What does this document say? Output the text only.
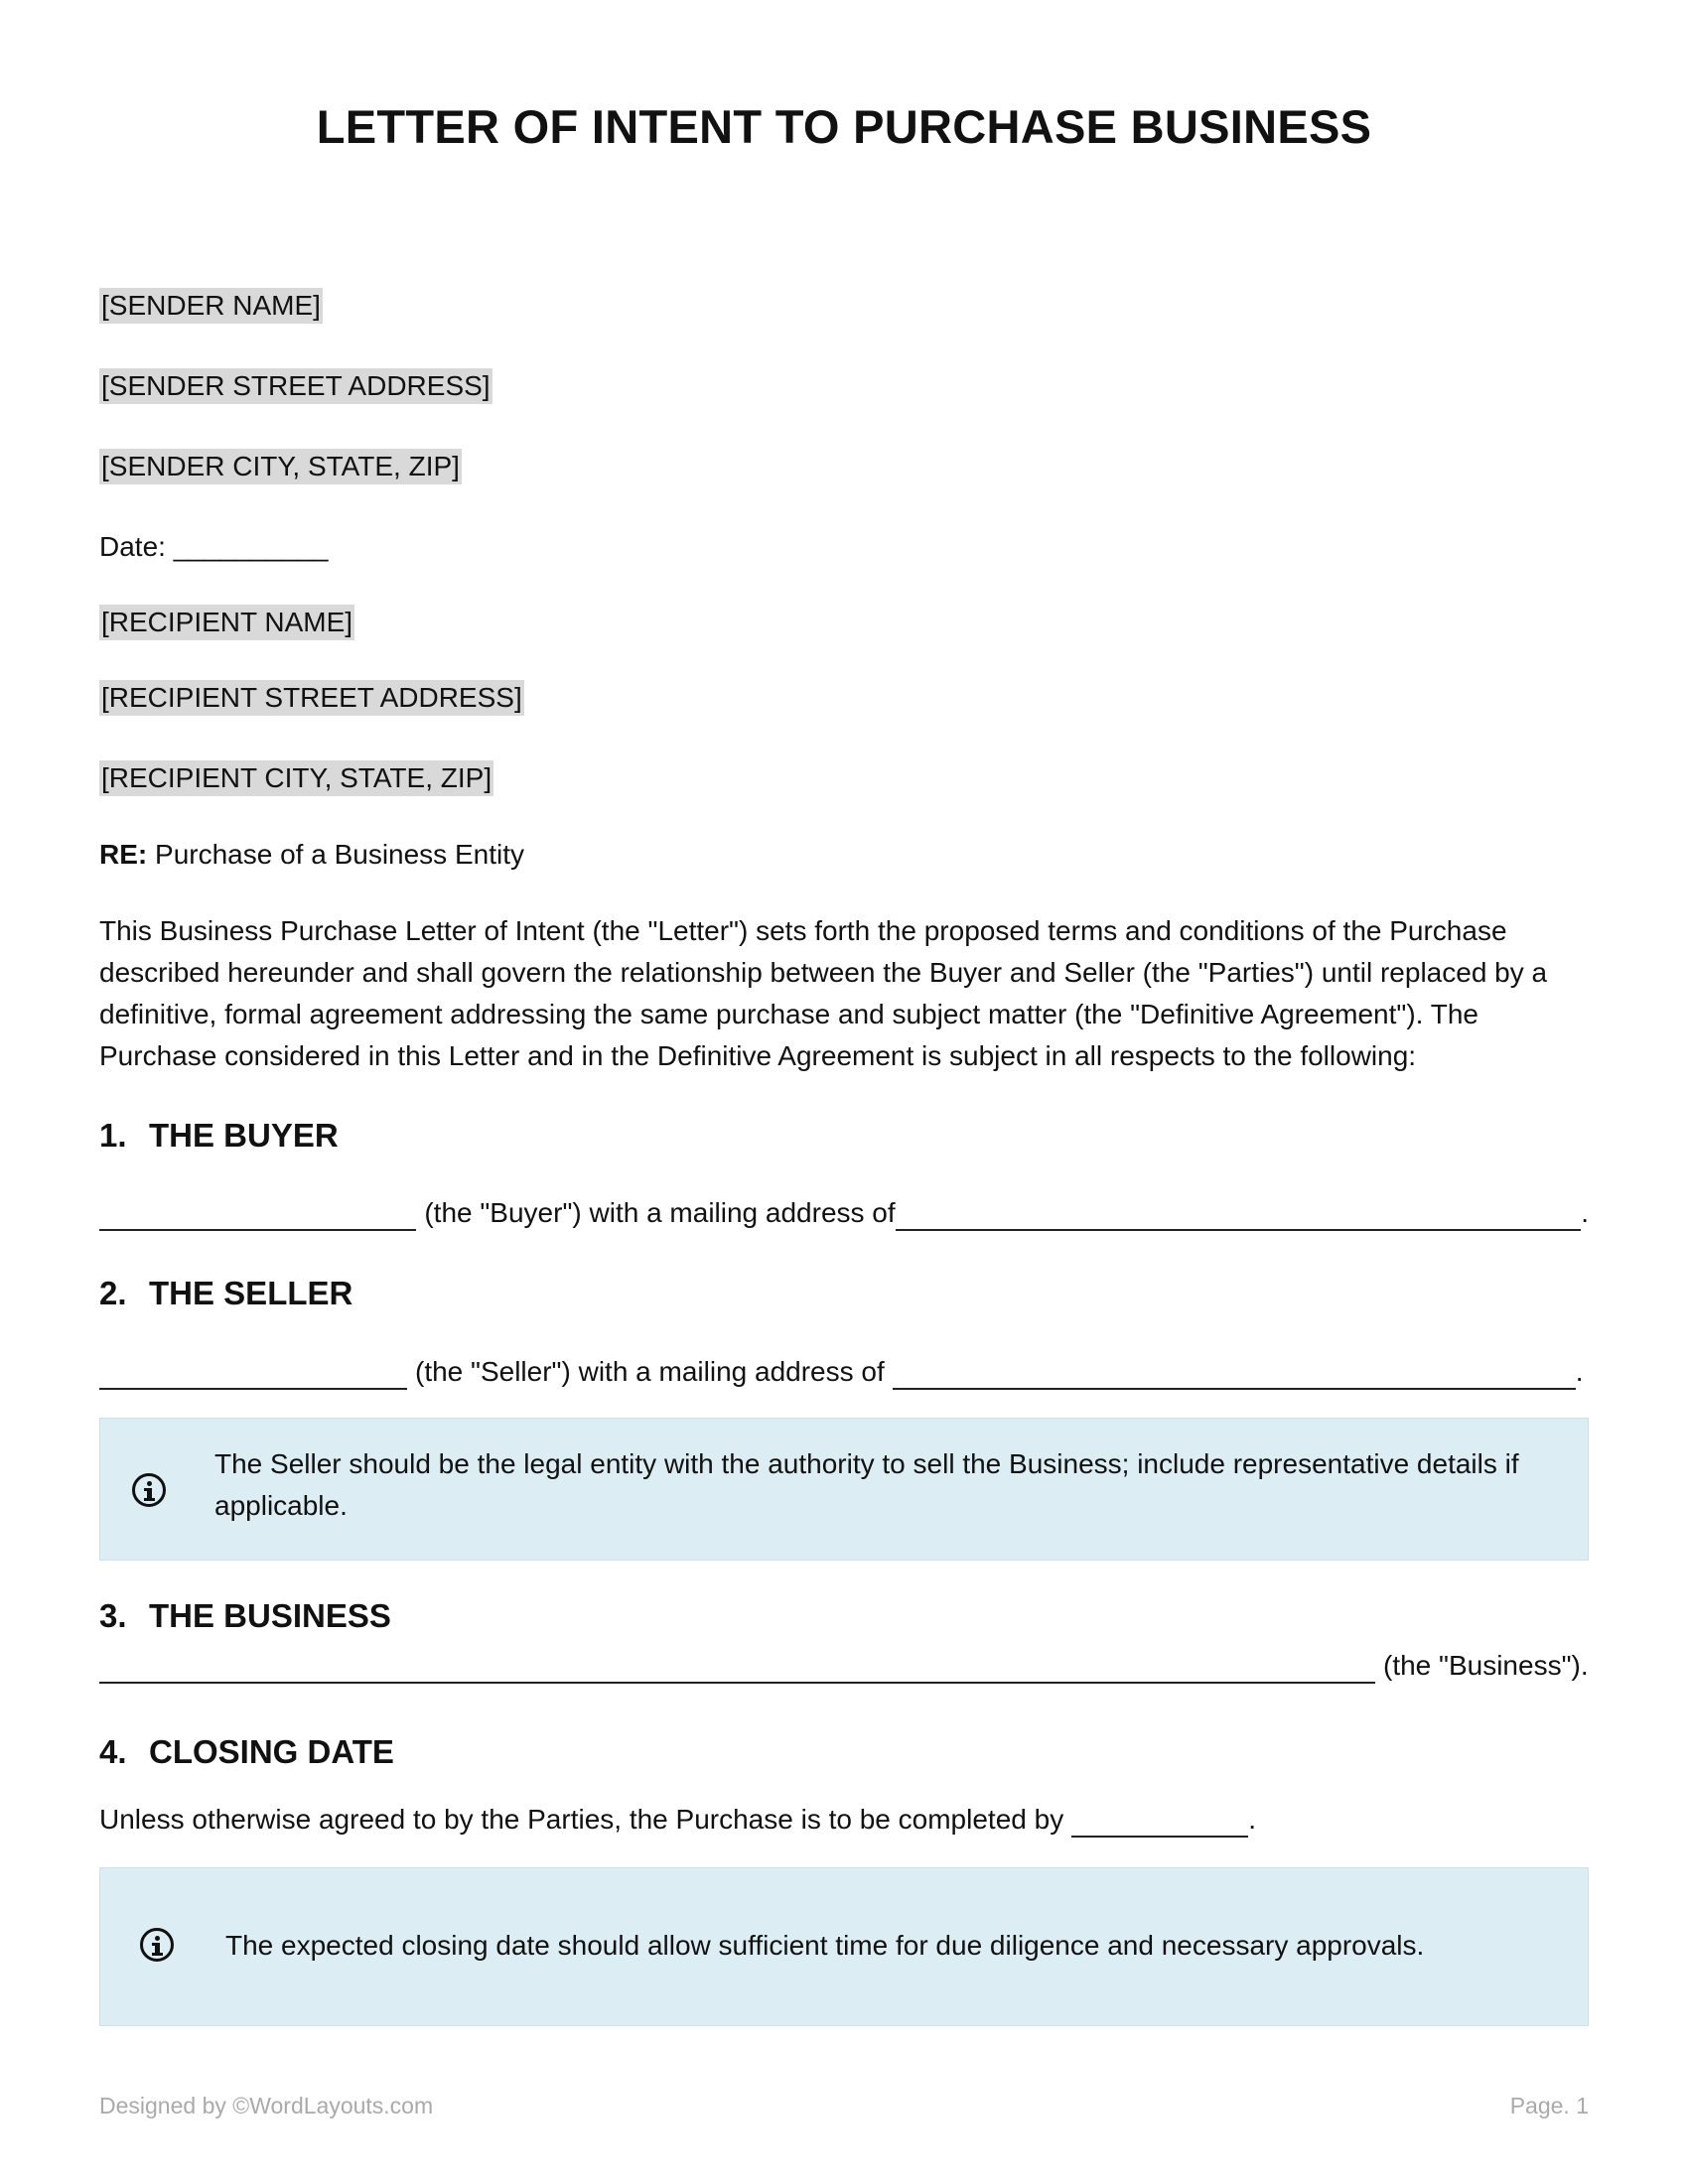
LETTER OF INTENT TO PURCHASE BUSINESS
[SENDER NAME]
[SENDER STREET ADDRESS]
[SENDER CITY, STATE, ZIP]
Date: __________
[RECIPIENT NAME]
[RECIPIENT STREET ADDRESS]
[RECIPIENT CITY, STATE, ZIP]
RE: Purchase of a Business Entity
This Business Purchase Letter of Intent (the "Letter") sets forth the proposed terms and conditions of the Purchase described hereunder and shall govern the relationship between the Buyer and Seller (the "Parties") until replaced by a definitive, formal agreement addressing the same purchase and subject matter (the "Definitive Agreement"). The Purchase considered in this Letter and in the Definitive Agreement is subject in all respects to the following:
1. THE BUYER
(the "Buyer") with a mailing address of	.
2. THE SELLER
(the "Seller") with a mailing address of	.
The Seller should be the legal entity with the authority to sell the Business; include representative details if applicable.
3. THE BUSINESS
(the "Business").
4. CLOSING DATE
Unless otherwise agreed to by the Parties, the Purchase is to be completed by	.
The expected closing date should allow sufficient time for due diligence and necessary approvals.
Designed by ©WordLayouts.com	Page. 1
